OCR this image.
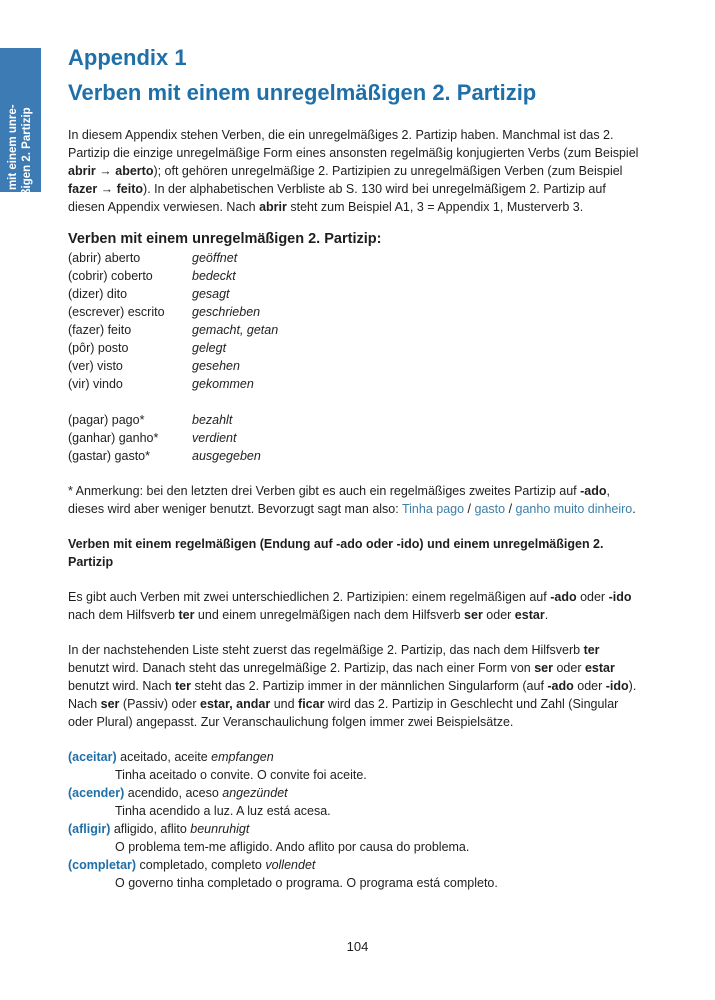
Verben mit einem unre- gelmäßigen 2. Partizip
Appendix 1
Verben mit einem unregelmäßigen 2. Partizip

In diesem Appendix stehen Verben, die ein unregelmäßiges 2. Partizip haben. Manchmal ist das 2. Partizip die einzige unregelmäßige Form eines ansonsten regelmäßig konjugierten Verbs (zum Beispiel abrir → aberto); oft gehören unregelmäßige 2. Partizipien zu unregelmäßigen Verben (zum Beispiel fazer → feito). In der alphabetischen Verbliste ab S. 130 wird bei unregelmäßigem 2. Partizip auf diesen Appendix verwiesen. Nach abrir steht zum Beispiel A1, 3 = Appendix 1, Musterverb 3.

Verben mit einem unregelmäßigen 2. Partizip:

(abrir) aberto	geöffnet
(cobrir) coberto	bedeckt
(dizer) dito	gesagt
(escrever) escrito	geschrieben
(fazer) feito	gemacht, getan
(pôr) posto	gelegt
(ver) visto	gesehen
(vir) vindo	gekommen
(pagar) pago*	bezahlt
(ganhar) ganho*	verdient
(gastar) gasto*	ausgegeben

* Anmerkung: bei den letzten drei Verben gibt es auch ein regelmäßiges zweites Partizip auf -ado, dieses wird aber weniger benutzt. Bevorzugt sagt man also: Tinha pago / gasto / ganho muito dinheiro.

Verben mit einem regelmäßigen (Endung auf -ado oder -ido) und einem unregelmäßigen 2. Partizip

Es gibt auch Verben mit zwei unterschiedlichen 2. Partizipien: einem regelmäßigen auf -ado oder -ido nach dem Hilfsverb ter und einem unregelmäßigen nach dem Hilfsverb ser oder estar.

In der nachstehenden Liste steht zuerst das regelmäßige 2. Partizip, das nach dem Hilfsverb ter benutzt wird. Danach steht das unregelmäßige 2. Partizip, das nach einer Form von ser oder estar benutzt wird. Nach ter steht das 2. Partizip immer in der männlichen Singularform (auf -ado oder -ido). Nach ser (Passiv) oder estar, andar und ficar wird das 2. Partizip in Geschlecht und Zahl (Singular oder Plural) angepasst. Zur Veranschaulichung folgen immer zwei Beispielsätze.

(aceitar) aceitado, aceite empfangen

Tinha aceitado o convite. O convite foi aceite.

(acender) acendido, aceso angezündet

Tinha acendido a luz. A luz está acesa.

(afligir) afligido, aflito beunruhigt

O problema tem-me afligido. Ando aflito por causa do problema.

(completar) completado, completo vollendet

O governo tinha completado o programa. O programa está completo.

104
